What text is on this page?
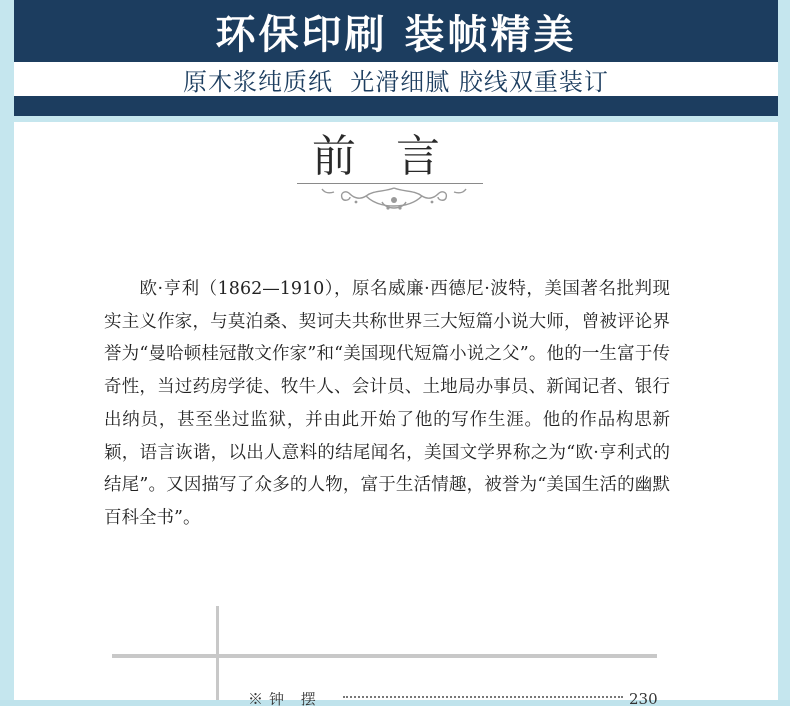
环保印刷 装帧精美
原木浆纯质纸  光滑细腻 胶线双重装订
前言
欧·亨利（1862—1910），原名威廉·西德尼·波特，美国著名批判现实主义作家，与莫泊桑、契诃夫共称世界三大短篇小说大师，曾被评论界誉为“曼哈顿桂冠散文作家”和“美国现代短篇小说之父”。他的一生富于传奇性，当过药房学徒、牧牛人、会计员、土地局办事员、新闻记者、银行出纳员，甚至坐过监狱，并由此开始了他的写作生涯。他的作品构思新颖，语言诙谐，以出人意料的结尾闻名，美国文学界称之为“欧·亨利式的结尾”。又因描写了众多的人物，富于生活情趣，被誉为“美国生活的幽默百科全书”。
※钟 摆	230
